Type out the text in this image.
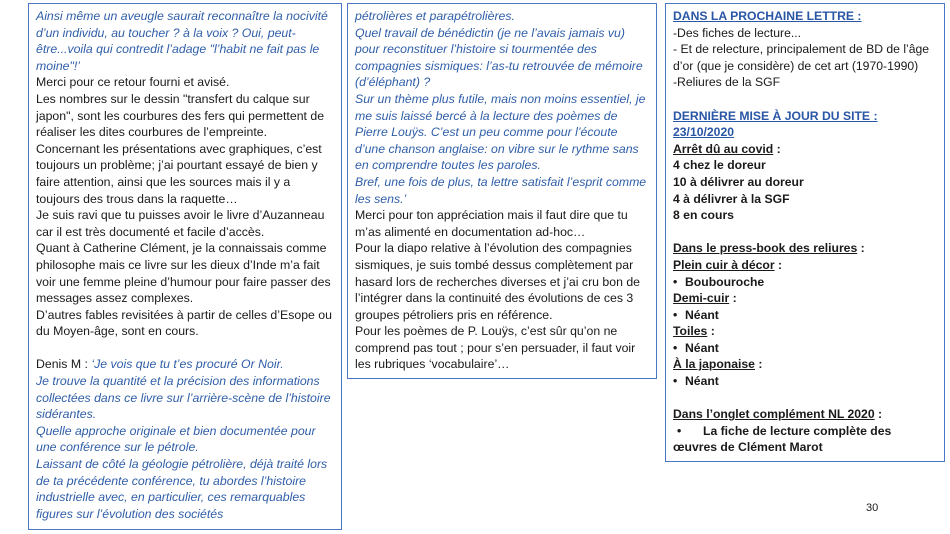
Ainsi même un aveugle saurait reconnaître la nocivité d’un individu, au toucher ? à la voix ? Oui, peut-être...voila qui contredit l’adage "l’habit ne fait pas le moine"!’

Merci pour ce retour fourni et avisé.

Les nombres sur le dessin "transfert du calque sur japon", sont les courbures des fers qui permettent de réaliser les dites courbures de l’empreinte.

Concernant les présentations avec graphiques, c’est toujours un problème; j’ai pourtant essayé de bien y faire attention, ainsi que les sources mais il y a toujours des trous dans la raquette…

Je suis ravi que tu puisses avoir le livre d’Auzanneau car il est très documenté et facile d’accès.

Quant à Catherine Clément, je la connaissais comme philosophe mais ce livre sur les dieux d’Inde m’a fait voir une femme pleine d’humour pour faire passer des messages assez complexes.

D’autres fables revisitées à partir de celles d’Esope ou du Moyen-âge, sont en cours.

Denis M : ‘Je vois que tu t’es procuré Or Noir.

Je trouve la quantité et la précision des informations collectées dans ce livre sur l’arrière-scène de l’histoire sidérantes.

Quelle approche originale et bien documentée pour une conférence sur le pétrole.

Laissant de côté la géologie pétrolière, déjà traité lors de ta précédente conférence, tu abordes l’histoire industrielle avec, en particulier, ces remarquables figures sur l’évolution des sociétés

pétrolières et parapétrolières.

Quel travail de bénédictin (je ne l’avais jamais vu) pour reconstituer l’histoire si tourmentée des compagnies sismiques: l’as-tu retrouvée de mémoire (d’éléphant) ?

Sur un thème plus futile, mais non moins essentiel, je me suis laissé bercé à la lecture des poèmes de Pierre Louÿs. C’est un peu comme pour l’écoute d’une chanson anglaise: on vibre sur le rythme sans en comprendre toutes les paroles.

Bref, une fois de plus, ta lettre satisfait l’esprit comme les sens.’

Merci pour ton appréciation mais il faut dire que tu m’as alimenté en documentation ad-hoc…

Pour la diapo relative à l’évolution des compagnies sismiques, je suis tombé dessus complètement par hasard lors de recherches diverses et j’ai cru bon de l’intégrer dans la continuité des évolutions de ces 3 groupes pétroliers pris en référence.

Pour les poèmes de P. Louÿs, c’est sûr qu’on ne comprend pas tout ; pour s’en persuader, il faut voir les rubriques ‘vocabulaire’…

DANS LA PROCHAINE LETTRE :

-Des fiches de lecture...

- Et de relecture, principalement de BD de l’âge d’or (que je considère) de cet art (1970-1990)

-Reliures de la SGF

DERNIÈRE MISE À JOUR DU SITE : 23/10/2020

Arrêt dû au covid :

4 chez le doreur

10 à délivrer au doreur

4 à délivrer à la SGF

8 en cours

Dans le press-book des reliures :

Plein cuir à décor :

• Boubouroche

Demi-cuir :

• Néant

Toiles :

• Néant

À la japonaise :

• Néant

Dans l’onglet complément NL 2020 :

• La fiche de lecture complète des œuvres de Clément Marot

30
